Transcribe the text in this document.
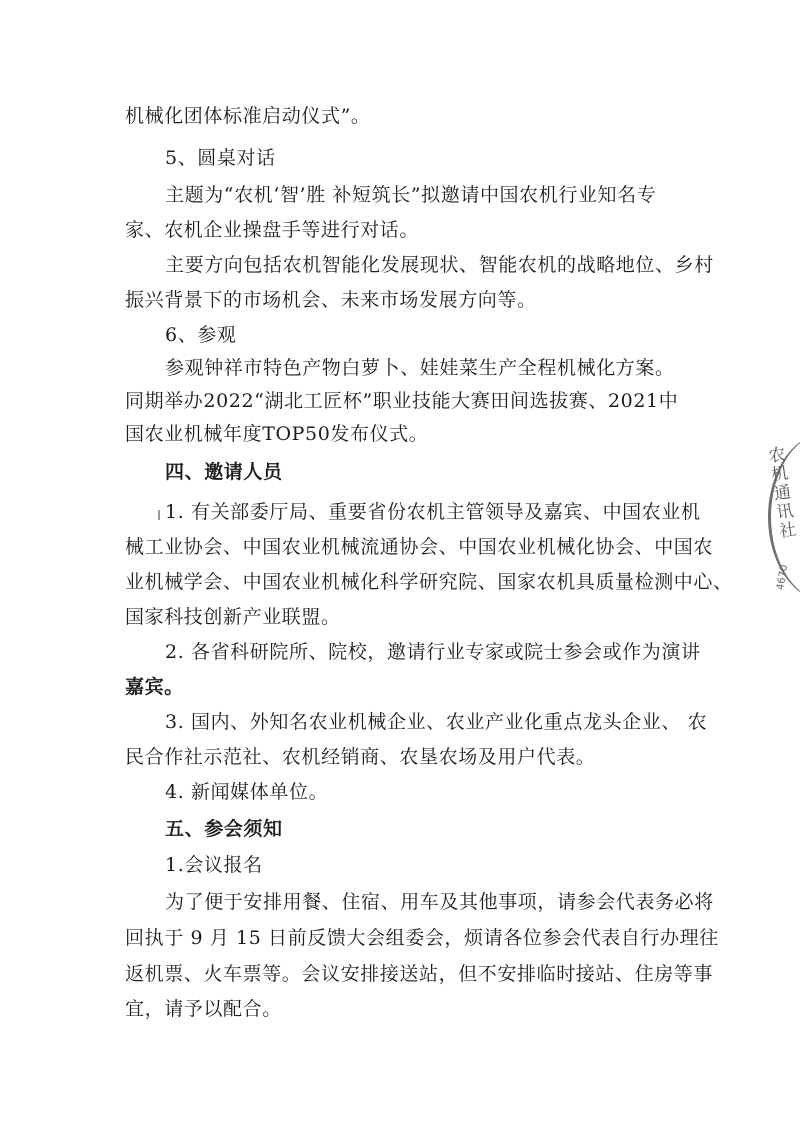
机械化团体标准启动仪式”。
5、圆桌对话
主题为“农机‘智’胜 补短筑长”拟邀请中国农机行业知名专
家、农机企业操盘手等进行对话。
主要方向包括农机智能化发展现状、智能农机的战略地位、乡村
振兴背景下的市场机会、未来市场发展方向等。
6、参观
参观钟祥市特色产物白萝卜、娃娃菜生产全程机械化方案。
同期举办2022“湖北工匠杯”职业技能大赛田间选拔赛、2021中
国农业机械年度TOP50发布仪式。
四、邀请人员
1. 有关部委厅局、重要省份农机主管领导及嘉宾、中国农业机
械工业协会、中国农业机械流通协会、中国农业机械化协会、中国农
业机械学会、中国农业机械化科学研究院、国家农机具质量检测中心、
国家科技创新产业联盟。
2. 各省科研院所、院校，邀请行业专家或院士参会或作为演讲
嘉宾。
3. 国内、外知名农业机械企业、农业产业化重点龙头企业、 农
民合作社示范社、农机经销商、农垦农场及用户代表。
4. 新闻媒体单位。
五、参会须知
1.会议报名
为了便于安排用餐、住宿、用车及其他事项，请参会代表务必将
回执于 9 月 15 日前反馈大会组委会，烦请各位参会代表自行办理往
返机票、火车票等。会议安排接送站，但不安排临时接站、住房等事
宜，请予以配合。
农机通讯社
4670
